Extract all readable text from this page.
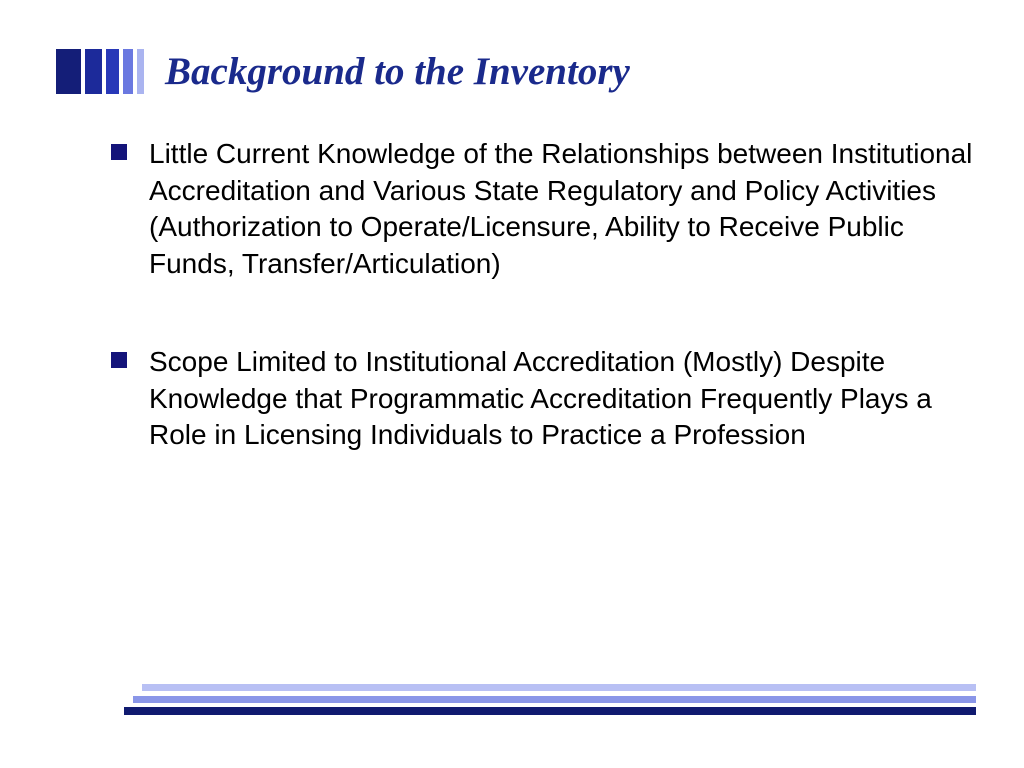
Background to the Inventory
Little Current Knowledge of the Relationships between Institutional Accreditation and Various State Regulatory and Policy Activities (Authorization to Operate/Licensure, Ability to Receive Public Funds, Transfer/Articulation)
Scope Limited to Institutional Accreditation (Mostly) Despite Knowledge that Programmatic Accreditation Frequently Plays a Role in Licensing Individuals to Practice a Profession
